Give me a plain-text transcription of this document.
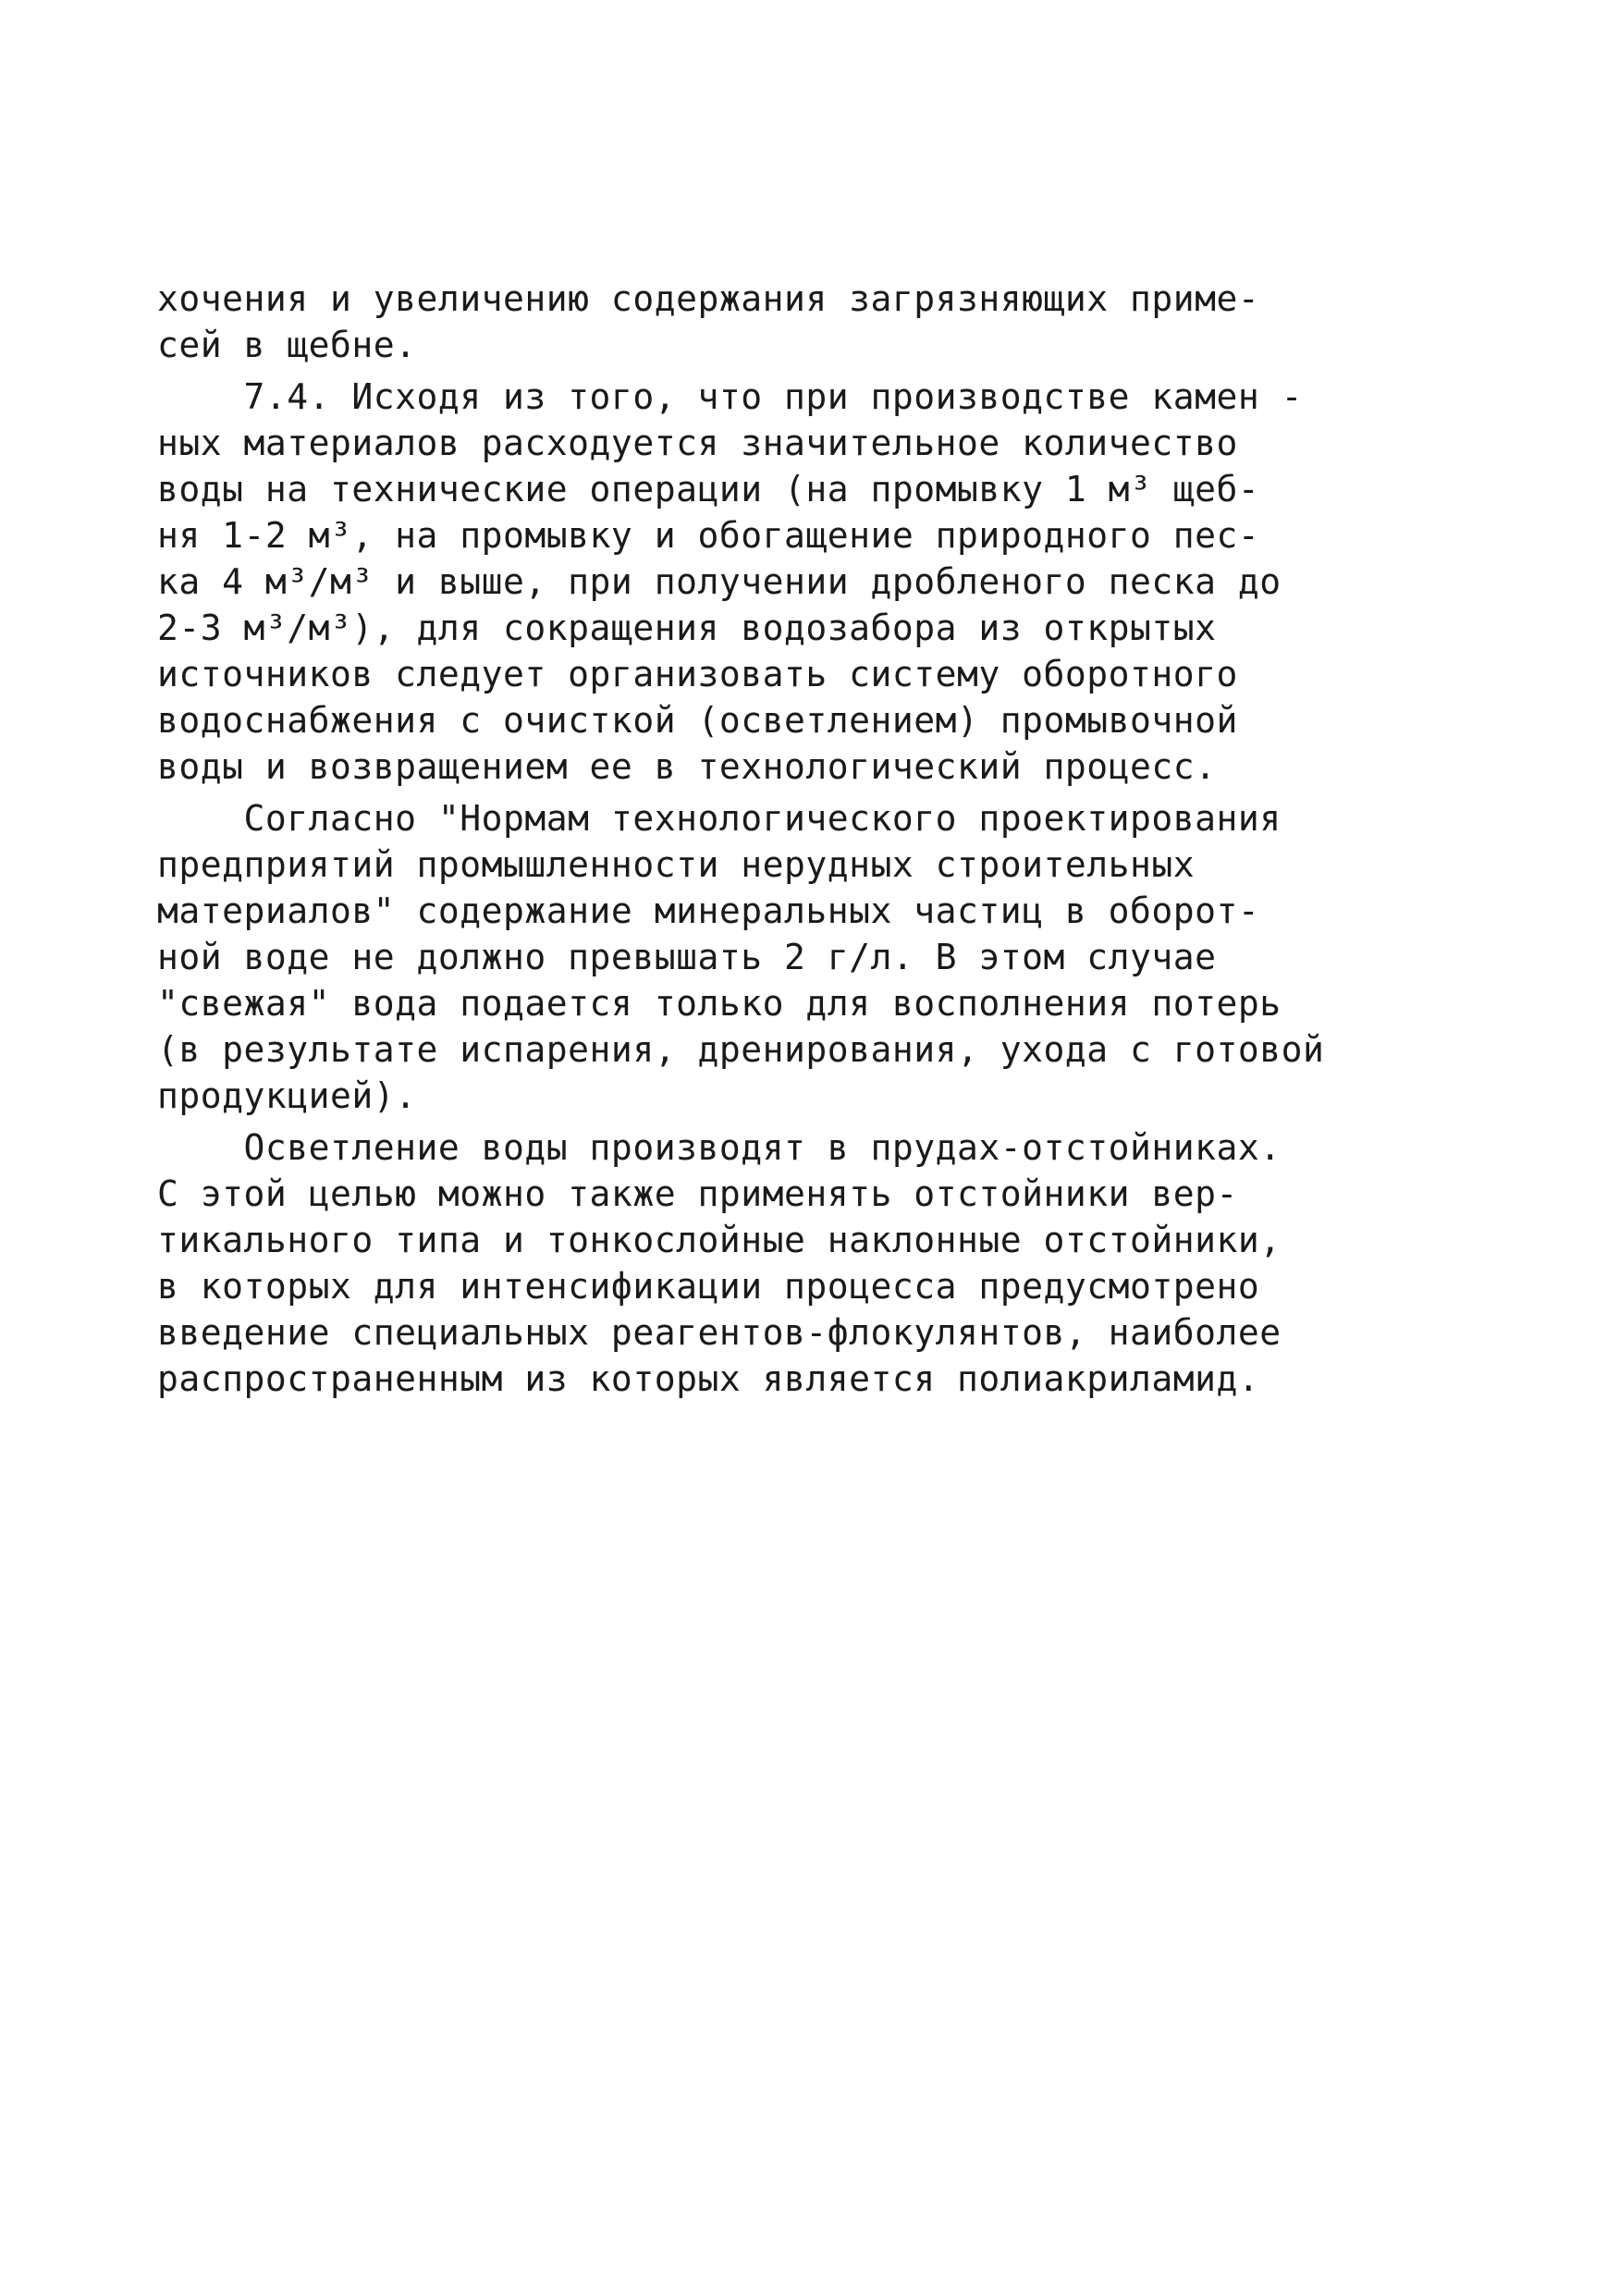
хочения и увеличению содержания загрязняющих приме-
сей в щебне.
7.4. Исходя из того, что при производстве камен -
ных материалов расходуется значительное количество
воды на технические операции (на промывку 1 м³ щеб-
ня 1-2 м³, на промывку и обогащение природного пес-
ка 4 м³/м³ и выше, при получении дробленого песка до
2-3 м³/м³), для сокращения водозабора из открытых
источников следует организовать систему оборотного
водоснабжения с очисткой (осветлением) промывочной
воды и возвращением ее в технологический процесс.
Согласно "Нормам технологического проектирования
предприятий промышленности нерудных строительных
материалов" содержание минеральных частиц в оборот-
ной воде не должно превышать 2 г/л. В этом случае
"свежая" вода подается только для восполнения потерь
(в результате испарения, дренирования, ухода с готовой
продукцией).
Осветление воды производят в прудах-отстойниках.
С этой целью можно также применять отстойники вер-
тикального типа и тонкослойные наклонные отстойники,
в которых для интенсификации процесса предусмотрено
введение специальных реагентов-флокулянтов, наиболее
распространенным из которых является полиакриламид.
